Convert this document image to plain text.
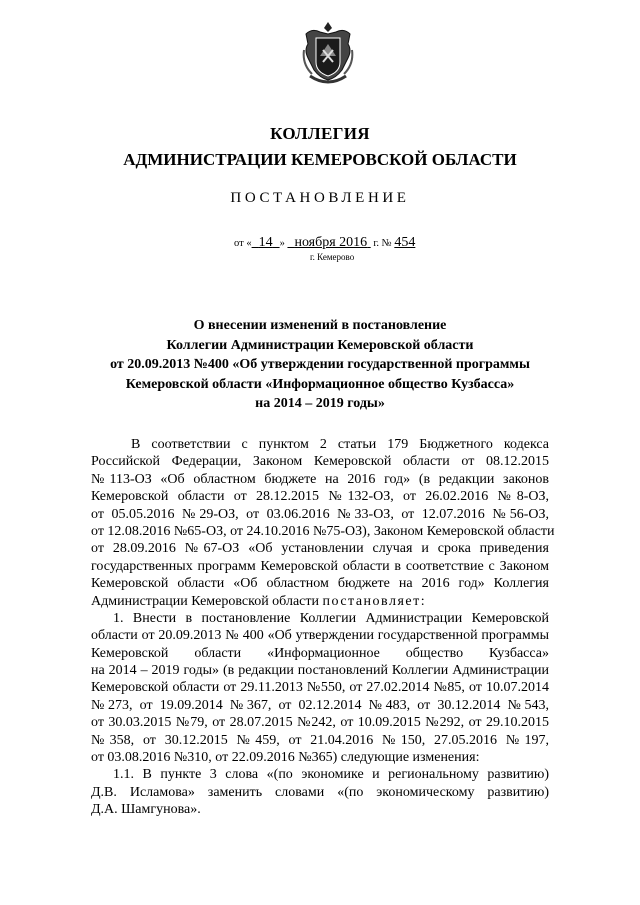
КОЛЛЕГИЯ
АДМИНИСТРАЦИИ КЕМЕРОВСКОЙ ОБЛАСТИ
ПОСТАНОВЛЕНИЕ
от « 14 » ноября 2016 г. № 454
г. Кемерово
О внесении изменений в постановление
Коллегии Администрации Кемеровской области
от 20.09.2013 №400 «Об утверждении государственной программы
Кемеровской области «Информационное общество Кузбасса»
на 2014 – 2019 годы»
В соответствии с пунктом 2 статьи 179 Бюджетного кодекса
Российской Федерации, Законом Кемеровской области от 08.12.2015
№113-ОЗ «Об областном бюджете на 2016 год» (в редакции законов
Кемеровской области от 28.12.2015 №132-ОЗ, от 26.02.2016 №8-ОЗ,
от 05.05.2016 №29-ОЗ, от 03.06.2016 №33-ОЗ, от 12.07.2016 №56-ОЗ,
от 12.08.2016 №65-ОЗ, от 24.10.2016 №75-ОЗ), Законом Кемеровской области
от 28.09.2016 №67-ОЗ «Об установлении случая и срока приведения
государственных программ Кемеровской области в соответствие с Законом
Кемеровской области «Об областном бюджете на 2016 год» Коллегия
Администрации Кемеровской области постановляет:
1. Внести в постановление Коллегии Администрации Кемеровской
области от 20.09.2013 № 400 «Об утверждении государственной программы
Кемеровской области «Информационное общество Кузбасса»
на 2014 – 2019 годы» (в редакции постановлений Коллегии Администрации
Кемеровской области от 29.11.2013 №550, от 27.02.2014 №85, от 10.07.2014
№273, от 19.09.2014 №367, от 02.12.2014 №483, от 30.12.2014 №543,
от 30.03.2015 №79, от 28.07.2015 №242, от 10.09.2015 №292, от 29.10.2015
№358, от 30.12.2015 №459, от 21.04.2016 №150, 27.05.2016 №197,
от 03.08.2016 №310, от 22.09.2016 №365) следующие изменения:
1.1. В пункте 3 слова «(по экономике и региональному развитию)
Д.В. Исламова» заменить словами «(по экономическому развитию)
Д.А. Шамгунова».
